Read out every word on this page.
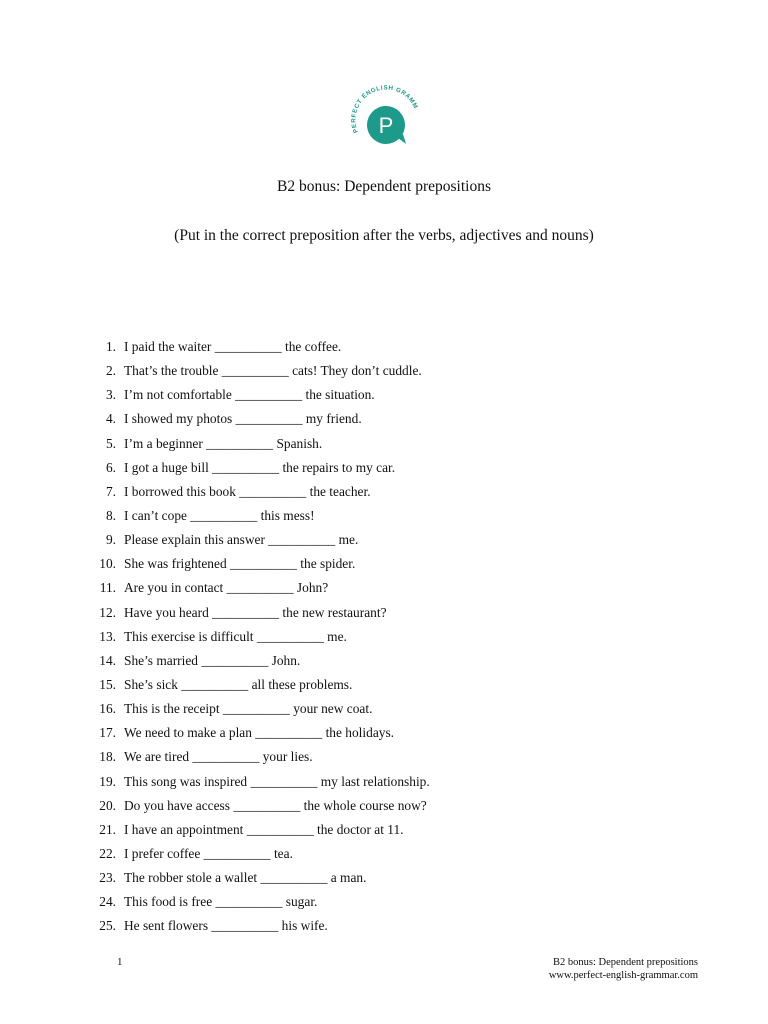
PERFECT ENGLISH GRAMM
P
B2 bonus: Dependent prepositions
(Put in the correct preposition after the verbs, adjectives and nouns)
1. I paid the waiter __________ the coffee.
2. That’s the trouble __________ cats! They don’t cuddle.
3. I’m not comfortable __________ the situation.
4. I showed my photos __________ my friend.
5. I’m a beginner __________ Spanish.
6. I got a huge bill __________ the repairs to my car.
7. I borrowed this book __________ the teacher.
8. I can’t cope __________ this mess!
9. Please explain this answer __________ me.
10. She was frightened __________ the spider.
11. Are you in contact __________ John?
12. Have you heard __________ the new restaurant?
13. This exercise is difficult __________ me.
14. She’s married __________ John.
15. She’s sick __________ all these problems.
16. This is the receipt __________ your new coat.
17. We need to make a plan __________ the holidays.
18. We are tired __________ your lies.
19. This song was inspired __________ my last relationship.
20. Do you have access __________ the whole course now?
21. I have an appointment __________ the doctor at 11.
22. I prefer coffee __________ tea.
23. The robber stole a wallet __________ a man.
24. This food is free __________ sugar.
25. He sent flowers __________ his wife.
1	B2 bonus: Dependent prepositions
www.perfect-english-grammar.com
